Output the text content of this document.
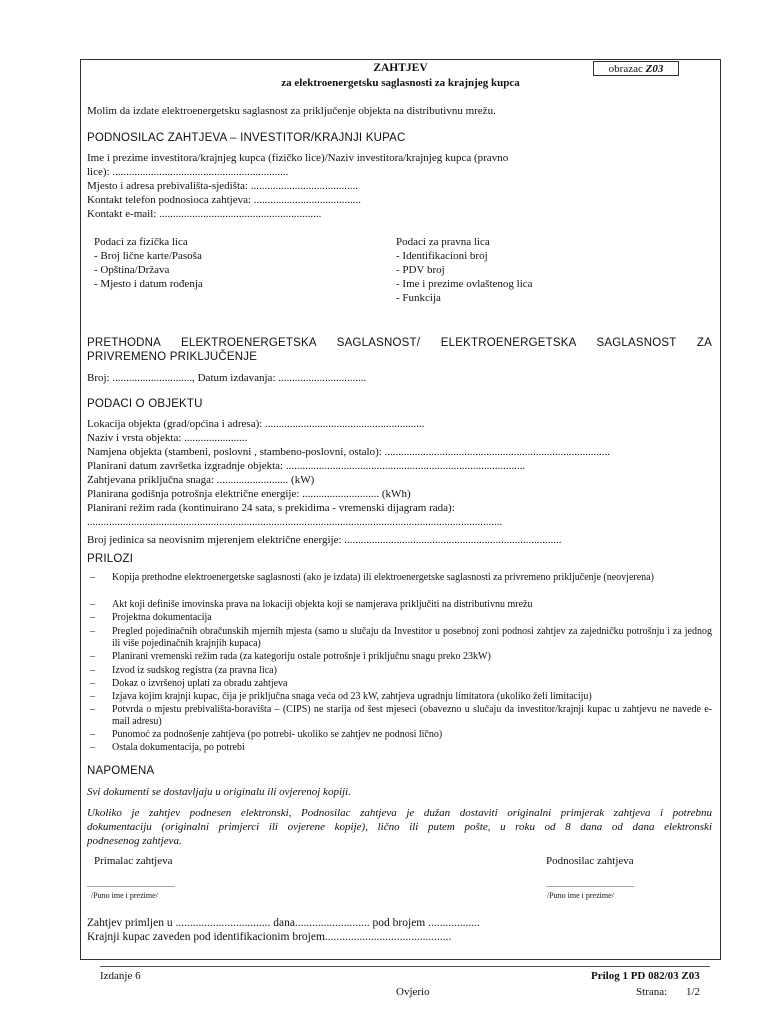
ZAHTJEV
za elektroenergetsku saglasnosti za krajnjeg kupca
obrazac Z03
Molim da izdate elektroenergetsku saglasnost za priključenje objekta na distributivnu mrežu.
PODNOSILAC ZAHTJEVA – INVESTITOR/KRAJNJI KUPAC
Ime i prezime investitora/krajnjeg kupca (fizičko lice)/Naziv investitora/krajnjeg kupca (pravno
lice): ................................................................
Mjesto i adresa prebivališta-sjedišta: .......................................
Kontakt telefon podnosioca zahtjeva: .......................................
Kontakt e-mail: ...........................................................
Podaci za fizička lica
- Broj lične karte/Pasoša
- Opština/Država
- Mjesto i datum rođenja
Podaci za pravna lica
- Identifikacioni broj
- PDV broj
- Ime i prezime ovlaštenog lica
- Funkcija
PRETHODNA ELEKTROENERGETSKA SAGLASNOST/ ELEKTROENERGETSKA SAGLASNOST ZA
PRIVREMENO PRIKLJUČENJE
Broj: ............................., Datum izdavanja: ................................
PODACI O OBJEKTU
Lokacija objekta (grad/općina i adresa): ..........................................................
Naziv i vrsta objekta: .......................
Namjena objekta (stambeni, poslovni , stambeno-poslovni, ostalo): ..................................................................................
Planirani datum završetka izgradnje objekta: .......................................................................................
Zahtjevana priključna snaga: .......................... (kW)
Planirana godišnja potrošnja električne energije: ............................ (kWh)
Planirani režim rada (kontinuirano 24 sata, s prekidima - vremenski dijagram rada):
.......................................................................................................................................................
Broj jedinica sa neovisnim mjerenjem električne energije: ...............................................................................
PRILOZI
– Kopija prethodne elektroenergetske saglasnosti (ako je izdata) ili elektroenergetske saglasnosti za privremeno priključenje (neovjerena)
– Akt koji definiše imovinska prava na lokaciji objekta koji se namjerava priključiti na distributivnu mrežu
– Projektna dokumentacija
– Pregled pojedinačnih obračunskih mjernih mjesta (samo u slučaju da Investitor u posebnoj zoni podnosi zahtjev za zajedničku potrošnju i za jednog ili više pojedinačnih krajnjih kupaca)
– Planirani vremenski režim rada (za kategoriju ostale potrošnje i priključnu snagu preko 23kW)
– Izvod iz sudskog registra (za pravna lica)
– Dokaz o izvršenoj uplati za obradu zahtjeva
– Izjava kojim krajnji kupac, čija je priključna snaga veća od 23 kW, zahtjeva ugradnju limitatora (ukoliko želi limitaciju)
– Potvrda o mjestu prebivališta-boravišta – (CIPS) ne starija od šest mjeseci (obavezno u slučaju da investitor/krajnji kupac u zahtjevu ne navede e-mail adresu)
– Punomoć za podnošenje zahtjeva (po potrebi- ukoliko se zahtjev ne podnosi lično)
– Ostala dokumentacija, po potrebi
NAPOMENA
Svi dokumenti se dostavljaju u originalu ili ovjerenoj kopiji.
Ukoliko je zahtjev podnesen elektronski, Podnosilac zahtjeva je dužan dostaviti originalni primjerak zahtjeva i potrebnu
dokumentaciju (originalni primjerci ili ovjerene kopije), lično ili putem pošte, u roku od 8 dana od dana elektronski
podnesenog zahtjeva.
Primalac zahtjeva	Podnosilac zahtjeva
............................................	............................................
/Puno ime i prezime/	/Puno ime i prezime/
Zahtjev primljen u ................................. dana.......................... pod brojem ..................
Krajnji kupac zaveden pod identifikacionim brojem............................................
Izdanje 6	Prilog 1 PD 082/03 Z03
Ovjerio	Strana: 1/2
